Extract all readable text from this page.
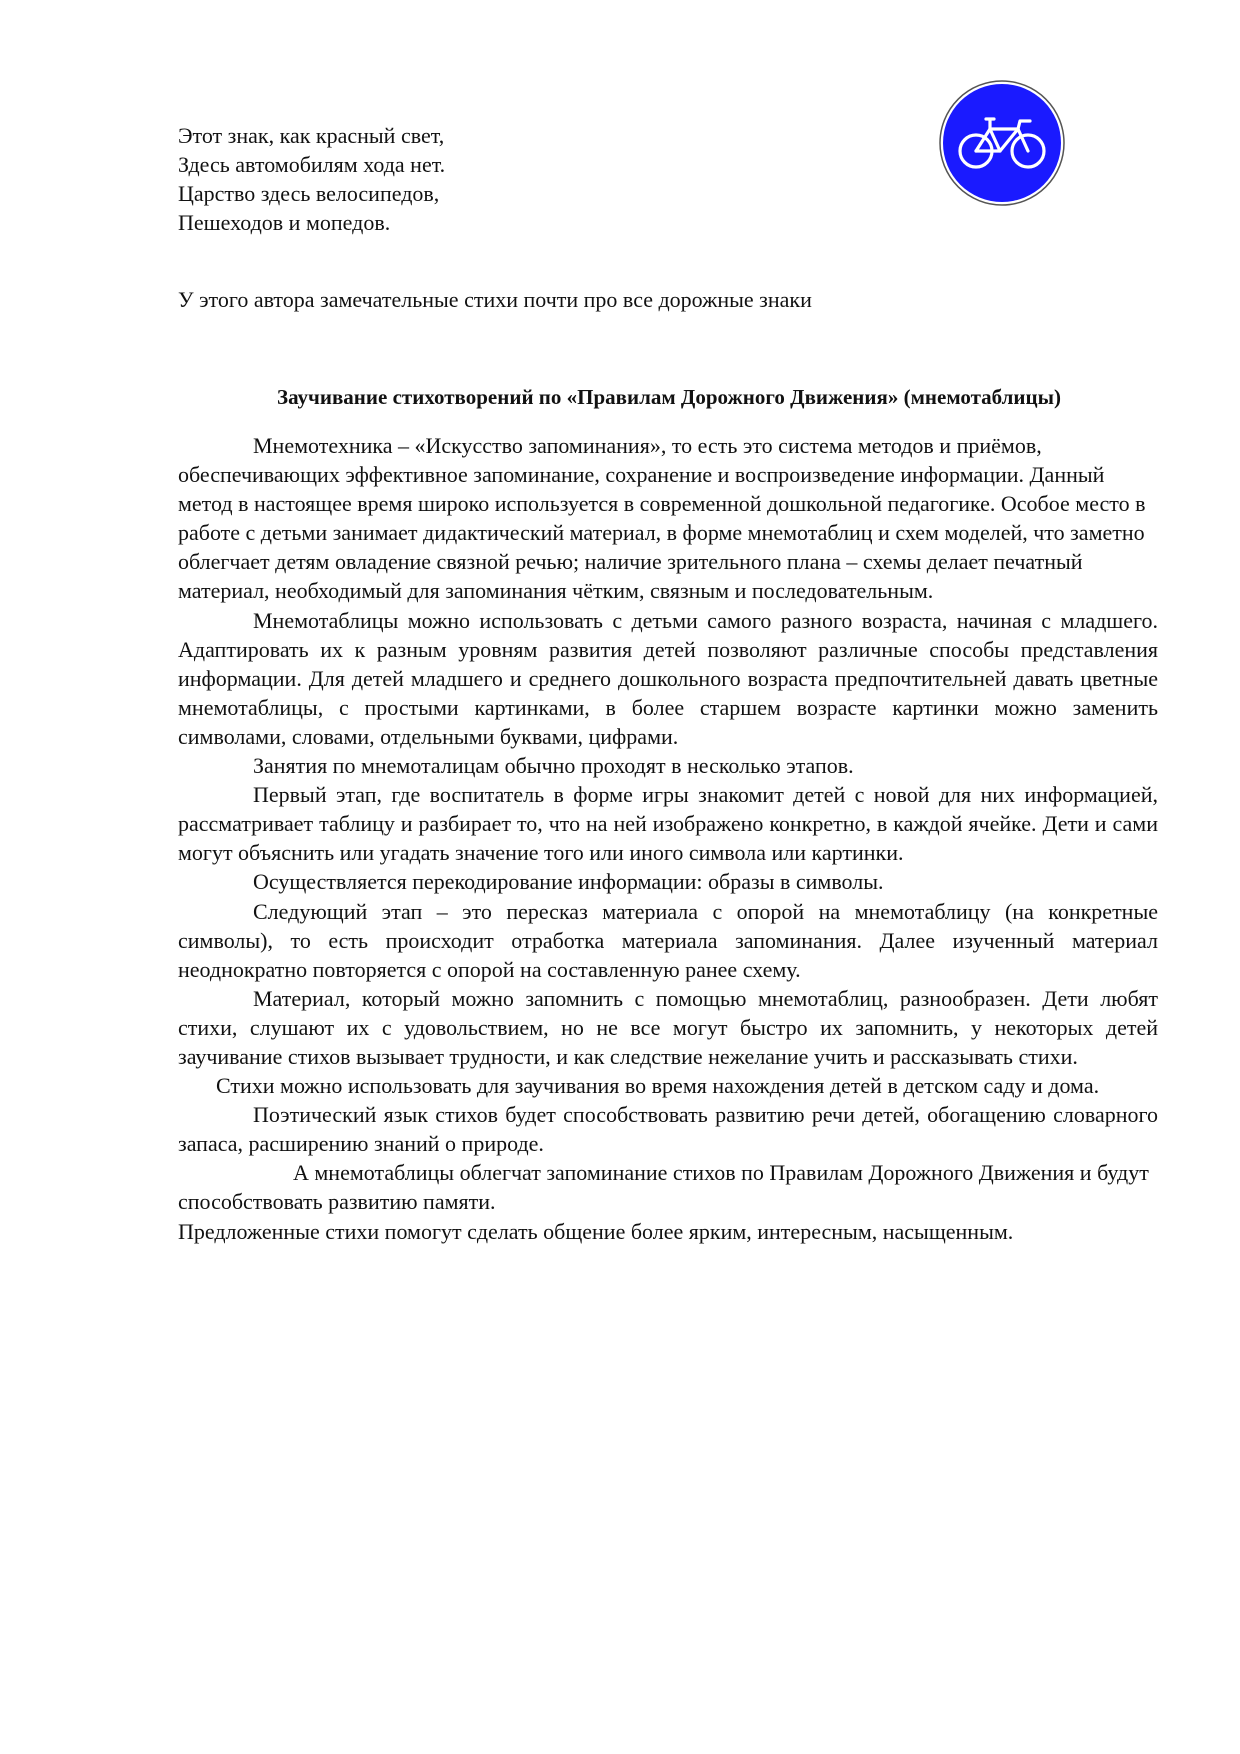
Этот знак, как красный свет,
Здесь автомобилям хода нет.
Царство здесь велосипедов,
Пешеходов и мопедов.
У этого автора замечательные стихи почти про все дорожные знаки
Заучивание стихотворений по «Правилам Дорожного Движения» (мнемотаблицы)

Мнемотехника – «Искусство запоминания», то есть это система методов и приёмов, обеспечивающих эффективное запоминание, сохранение и воспроизведение информации. Данный метод в настоящее время широко используется в современной дошкольной педагогике. Особое место в работе с детьми занимает дидактический материал, в форме мнемотаблиц и схем моделей, что заметно облегчает детям овладение связной речью; наличие зрительного плана – схемы делает печатный материал, необходимый для запоминания чётким, связным и последовательным.

Мнемотаблицы можно использовать с детьми самого разного возраста, начиная с младшего. Адаптировать их к разным уровням развития детей позволяют различные способы представления информации. Для детей младшего и среднего дошкольного возраста предпочтительней давать цветные мнемотаблицы, с простыми картинками, в более старшем возрасте картинки можно заменить символами, словами, отдельными буквами, цифрами.

Занятия по мнемоталицам обычно проходят в несколько этапов.

Первый этап, где воспитатель в форме игры знакомит детей с новой для них информацией, рассматривает таблицу и разбирает то, что на ней изображено конкретно, в каждой ячейке. Дети и сами могут объяснить или угадать значение того или иного символа или картинки.

Осуществляется перекодирование информации: образы в символы.

Следующий этап – это пересказ материала с опорой на мнемотаблицу (на конкретные символы), то есть происходит отработка материала запоминания. Далее изученный материал неоднократно повторяется с опорой на составленную ранее схему.

Материал, который можно запомнить с помощью мнемотаблиц, разнообразен. Дети любят стихи, слушают их с удовольствием, но не все могут быстро их запомнить, у некоторых детей заучивание стихов вызывает трудности, и как следствие нежелание учить и рассказывать стихи.

Стихи можно использовать для заучивания во время нахождения детей в детском саду и дома.

Поэтический язык стихов будет способствовать развитию речи детей, обогащению словарного запаса, расширению знаний о природе.

А мнемотаблицы облегчат запоминание стихов по Правилам Дорожного Движения и будут способствовать развитию памяти.

Предложенные стихи помогут сделать общение более ярким, интересным, насыщенным.
